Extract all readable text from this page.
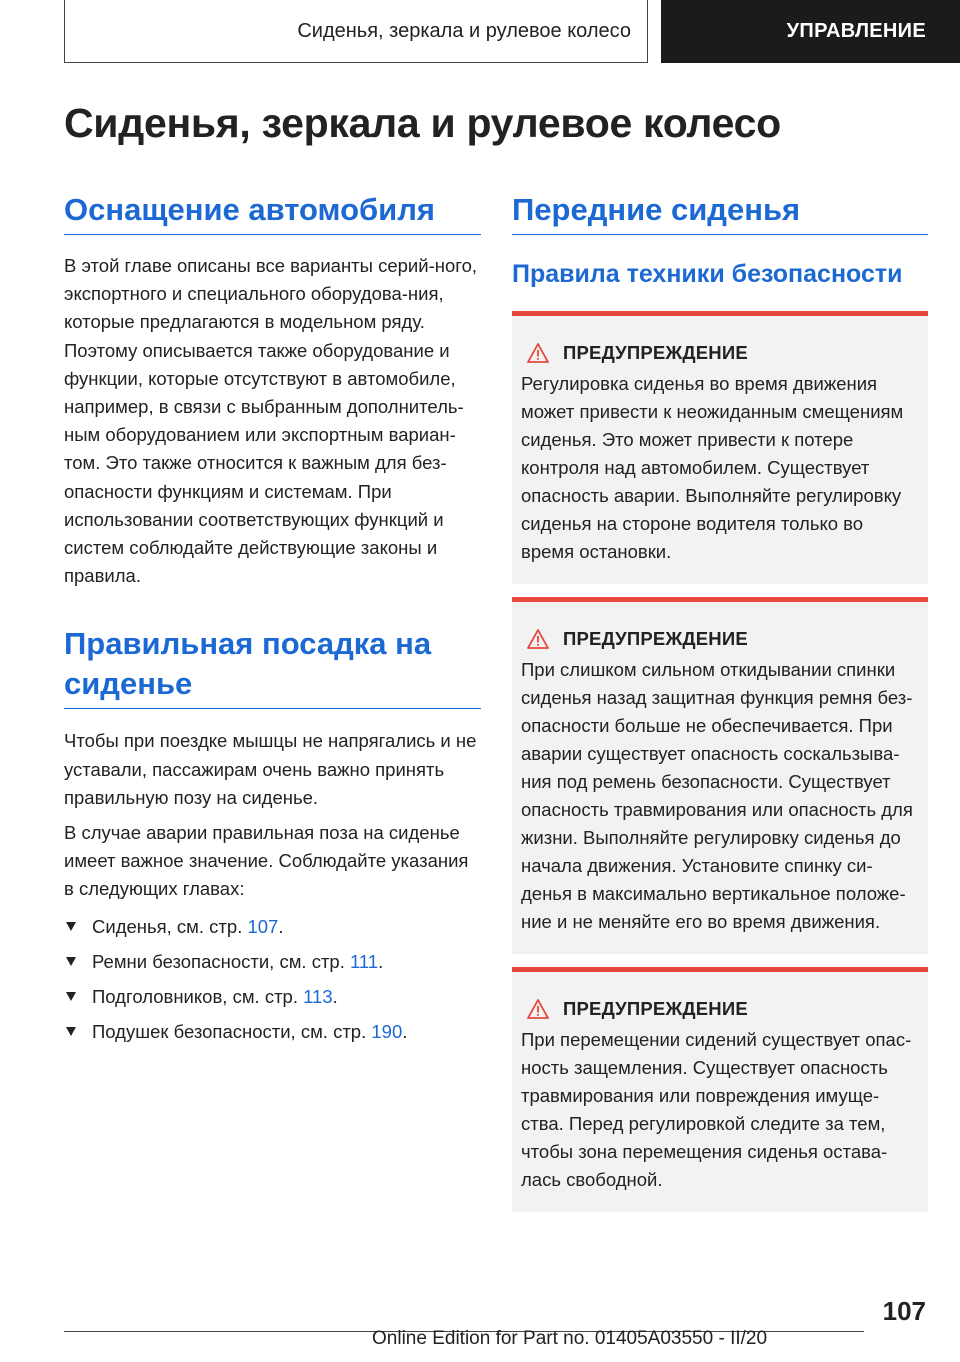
Сиденья, зеркала и рулевое колесо	УПРАВЛЕНИЕ
Сиденья, зеркала и рулевое колесо
Оснащение автомобиля

В этой главе описаны все варианты серий-ного, экспортного и специального оборудова-ния, которые предлагаются в модельном ряду. Поэтому описывается также оборудование и функции, которые отсутствуют в автомобиле, например, в связи с выбранным дополнитель-ным оборудованием или экспортным вариан-том. Это также относится к важным для без-опасности функциям и системам. При использовании соответствующих функций и систем соблюдайте действующие законы и правила.

Правильная посадка на сиденье

Чтобы при поездке мышцы не напрягались и не уставали, пассажирам очень важно принять правильную позу на сиденье.

В случае аварии правильная поза на сиденье имеет важное значение. Соблюдайте указания в следующих главах:

Сиденья, см. стр. 107.
Ремни безопасности, см. стр. 111.
Подголовников, см. стр. 113.
Подушек безопасности, см. стр. 190.
Передние сиденья
Правила техники безопасности
ПРЕДУПРЕЖДЕНИЕ

Регулировка сиденья во время движения может привести к неожиданным смещениям сиденья. Это может привести к потере контроля над автомобилем. Существует опасность аварии. Выполняйте регулировку сиденья на стороне водителя только во время остановки.

ПРЕДУПРЕЖДЕНИЕ

При слишком сильном откидывании спинки сиденья назад защитная функция ремня без-опасности больше не обеспечивается. При аварии существует опасность соскальзыва-ния под ремень безопасности. Существует опасность травмирования или опасность для жизни. Выполняйте регулировку сиденья до начала движения. Установите спинку си-денья в максимально вертикальное положе-ние и не меняйте его во время движения.

ПРЕДУПРЕЖДЕНИЕ

При перемещении сидений существует опас-ность защемления. Существует опасность травмирования или повреждения имуще-ства. Перед регулировкой следите за тем, чтобы зона перемещения сиденья остава-лась свободной.

107
Online Edition for Part no. 01405A03550 - II/20
